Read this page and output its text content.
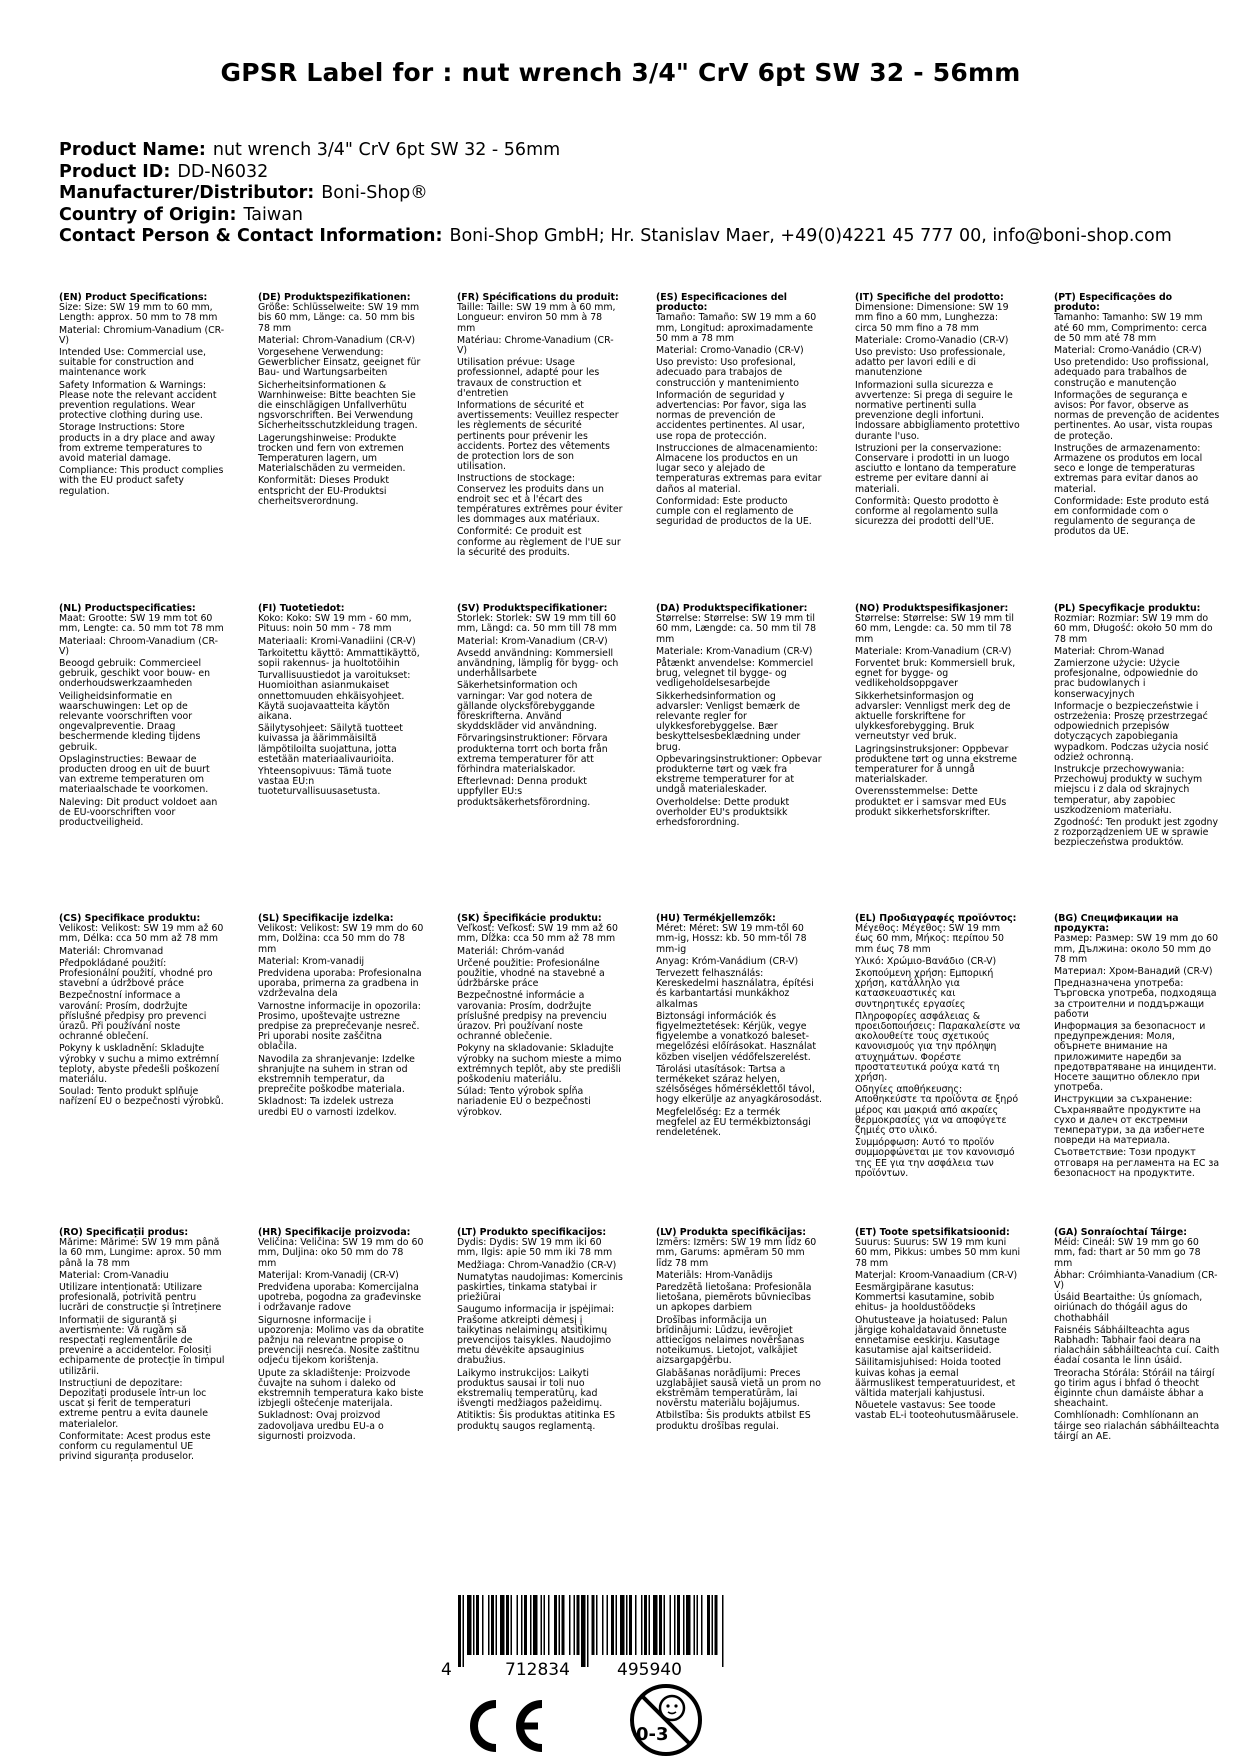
GPSR Label for : nut wrench 3/4" CrV 6pt SW 32 - 56mm
Product Name: nut wrench 3/4" CrV 6pt SW 32 - 56mm
Product ID: DD-N6032
Manufacturer/Distributor: Boni-Shop®
Country of Origin: Taiwan
Contact Person & Contact Information: Boni-Shop GmbH; Hr. Stanislav Maer, +49(0)4221 45 777 00, info@boni-shop.com
(EN) Product Specifications:

Size: Size: SW 19 mm to 60 mm, Length: approx. 50 mm to 78 mm

Material: Chromium-Vanadium (CR-V)

Intended Use: Commercial use, suitable for construction and maintenance work

Safety Information & Warnings: Please note the relevant accident prevention regulations. Wear protective clothing during use.

Storage Instructions: Store products in a dry place and away from extreme temperatures to avoid material damage.

Compliance: This product complies with the EU product safety regulation.

(DE) Produktspezifikationen:

Größe: Schlüsselweite: SW 19 mm bis 60 mm, Länge: ca. 50 mm bis 78 mm

Material: Chrom-Vanadium (CR-V)

Vorgesehene Verwendung: Gewerblicher Einsatz, geeignet für Bau- und Wartungsarbeiten

Sicherheitsinformationen & Warnhinweise: Bitte beachten Sie die einschlägigen Unfallverhütu ngsvorschriften. Bei Verwendung Sicherheitsschutzkleidung tragen.

Lagerungshinweise: Produkte trocken und fern von extremen Temperaturen lagern, um Materialschäden zu vermeiden.

Konformität: Dieses Produkt entspricht der EU-Produktsi cherheitsverordnung.

(FR) Spécifications du produit:

Taille: Taille: SW 19 mm à 60 mm, Longueur: environ 50 mm à 78 mm

Matériau: Chrome-Vanadium (CR-V)

Utilisation prévue: Usage professionnel, adapté pour les travaux de construction et d'entretien

Informations de sécurité et avertissements: Veuillez respecter les règlements de sécurité pertinents pour prévenir les accidents. Portez des vêtements de protection lors de son utilisation.

Instructions de stockage: Conservez les produits dans un endroit sec et à l'écart des températures extrêmes pour éviter les dommages aux matériaux.

Conformité: Ce produit est conforme au règlement de l'UE sur la sécurité des produits.

(ES) Especificaciones del producto:

Tamaño: Tamaño: SW 19 mm a 60 mm, Longitud: aproximadamente 50 mm a 78 mm

Material: Cromo-Vanadio (CR-V)

Uso previsto: Uso profesional, adecuado para trabajos de construcción y mantenimiento

Información de seguridad y advertencias: Por favor, siga las normas de prevención de accidentes pertinentes. Al usar, use ropa de protección.

Instrucciones de almacenamiento: Almacene los productos en un lugar seco y alejado de temperaturas extremas para evitar daños al material.

Conformidad: Este producto cumple con el reglamento de seguridad de productos de la UE.

(IT) Specifiche del prodotto:

Dimensione: Dimensione: SW 19 mm fino a 60 mm, Lunghezza: circa 50 mm fino a 78 mm

Materiale: Cromo-Vanadio (CR-V)

Uso previsto: Uso professionale, adatto per lavori edili e di manutenzione

Informazioni sulla sicurezza e avvertenze: Si prega di seguire le normative pertinenti sulla prevenzione degli infortuni. Indossare abbigliamento protettivo durante l'uso.

Istruzioni per la conservazione: Conservare i prodotti in un luogo asciutto e lontano da temperature estreme per evitare danni ai materiali.

Conformità: Questo prodotto è conforme al regolamento sulla sicurezza dei prodotti dell'UE.

(PT) Especificações do produto:

Tamanho: Tamanho: SW 19 mm até 60 mm, Comprimento: cerca de 50 mm até 78 mm

Material: Cromo-Vanádio (CR-V)

Uso pretendido: Uso profissional, adequado para trabalhos de construção e manutenção

Informações de segurança e avisos: Por favor, observe as normas de prevenção de acidentes pertinentes. Ao usar, vista roupas de proteção.

Instruções de armazenamento: Armazene os produtos em local seco e longe de temperaturas extremas para evitar danos ao material.

Conformidade: Este produto está em conformidade com o regulamento de segurança de produtos da UE.

(NL) Productspecificaties:

Maat: Grootte: SW 19 mm tot 60 mm, Lengte: ca. 50 mm tot 78 mm

Materiaal: Chroom-Vanadium (CR-V)

Beoogd gebruik: Commercieel gebruik, geschikt voor bouw- en onderhoudswerkzaamheden

Veiligheidsinformatie en waarschuwingen: Let op de relevante voorschriften voor ongevalpreventie. Draag beschermende kleding tijdens gebruik.

Opslaginstructies: Bewaar de producten droog en uit de buurt van extreme temperaturen om materiaalschade te voorkomen.

Naleving: Dit product voldoet aan de EU-voorschriften voor productveiligheid.

(FI) Tuotetiedot:

Koko: Koko: SW 19 mm - 60 mm, Pituus: noin 50 mm - 78 mm

Materiaali: Kromi-Vanadiini (CR-V)

Tarkoitettu käyttö: Ammattikäyttö, sopii rakennus- ja huoltotöihin

Turvallisuustiedot ja varoitukset: Huomioithan asianmukaiset onnettomuuden ehkäisyohjeet. Käytä suojavaatteita käytön aikana.

Säilytysohjeet: Säilytä tuotteet kuivassa ja äärimmäisiltä lämpötiloilta suojattuna, jotta estetään materiaalivaurioita.

Yhteensopivuus: Tämä tuote vastaa EU:n tuoteturvallisuusasetusta.

(SV) Produktspecifikationer:

Storlek: Storlek: SW 19 mm till 60 mm, Längd: ca. 50 mm till 78 mm

Material: Krom-Vanadium (CR-V)

Avsedd användning: Kommersiell användning, lämplig för bygg- och underhållsarbete

Säkerhetsinformation och varningar: Var god notera de gällande olycksförebyggande föreskrifterna. Använd skyddskläder vid användning.

Förvaringsinstruktioner: Förvara produkterna torrt och borta från extrema temperaturer för att förhindra materialskador.

Efterlevnad: Denna produkt uppfyller EU:s produktsäkerhetsförordning.

(DA) Produktspecifikationer:

Størrelse: Størrelse: SW 19 mm til 60 mm, Længde: ca. 50 mm til 78 mm

Materiale: Krom-Vanadium (CR-V)

Påtænkt anvendelse: Kommerciel brug, velegnet til bygge- og vedligeholdelsesarbejde

Sikkerhedsinformation og advarsler: Venligst bemærk de relevante regler for ulykkesforebyggelse. Bær beskyttelsesbeklædning under brug.

Opbevaringsinstruktioner: Opbevar produkterne tørt og væk fra ekstreme temperaturer for at undgå materialeskader.

Overholdelse: Dette produkt overholder EU's produktsikk erhedsforordning.

(NO) Produktspesifikasjoner:

Størrelse: Størrelse: SW 19 mm til 60 mm, Lengde: ca. 50 mm til 78 mm

Materiale: Krom-Vanadium (CR-V)

Forventet bruk: Kommersiell bruk, egnet for bygge- og vedlikeholdsoppgaver

Sikkerhetsinformasjon og advarsler: Vennligst merk deg de aktuelle forskriftene for ulykkesforebygging. Bruk verneutstyr ved bruk.

Lagringsinstruksjoner: Oppbevar produktene tørt og unna ekstreme temperaturer for å unngå materialskader.

Overensstemmelse: Dette produktet er i samsvar med EUs produkt sikkerhetsforskrifter.

(PL) Specyfikacje produktu:

Rozmiar: Rozmiar: SW 19 mm do 60 mm, Długość: około 50 mm do 78 mm

Materiał: Chrom-Wanad

Zamierzone użycie: Użycie profesjonalne, odpowiednie do prac budowlanych i konserwacyjnych

Informacje o bezpieczeństwie i ostrzeżenia: Proszę przestrzegać odpowiednich przepisów dotyczących zapobiegania wypadkom. Podczas użycia nosić odzież ochronną.

Instrukcje przechowywania: Przechowuj produkty w suchym miejscu i z dala od skrajnych temperatur, aby zapobiec uszkodzeniom materiału.

Zgodność: Ten produkt jest zgodny z rozporządzeniem UE w sprawie bezpieczeństwa produktów.

(CS) Specifikace produktu:

Velikost: Velikost: SW 19 mm až 60 mm, Délka: cca 50 mm až 78 mm

Materiál: Chromvanad

Předpokládané použití: Profesionální použití, vhodné pro stavební a údržbové práce

Bezpečnostní informace a varování: Prosím, dodržujte příslušné předpisy pro prevenci úrazů. Při používání noste ochranné oblečení.

Pokyny k uskladnění: Skladujte výrobky v suchu a mimo extrémní teploty, abyste předešli poškození materiálu.

Soulad: Tento produkt splňuje nařízení EU o bezpečnosti výrobků.

(SL) Specifikacije izdelka:

Velikost: Velikost: SW 19 mm do 60 mm, Dolžina: cca 50 mm do 78 mm

Material: Krom-vanadij

Predvidena uporaba: Profesionalna uporaba, primerna za gradbena in vzdrževalna dela

Varnostne informacije in opozorila: Prosimo, upoštevajte ustrezne predpise za preprečevanje nesreč. Pri uporabi nosite zaščitna oblačila.

Navodila za shranjevanje: Izdelke shranjujte na suhem in stran od ekstremnih temperatur, da preprečite poškodbe materiala.

Skladnost: Ta izdelek ustreza uredbi EU o varnosti izdelkov.

(SK) Špecifikácie produktu:

Veľkosť: Veľkosť: SW 19 mm až 60 mm, Dĺžka: cca 50 mm až 78 mm

Materiál: Chróm-vanád

Určené použitie: Profesionálne použitie, vhodné na stavebné a údržbárske práce

Bezpečnostné informácie a varovania: Prosím, dodržujte príslušné predpisy na prevenciu úrazov. Pri používaní noste ochranné oblečenie.

Pokyny na skladovanie: Skladujte výrobky na suchom mieste a mimo extrémnych teplôt, aby ste predišli poškodeniu materiálu.

Súlad: Tento výrobok spĺňa nariadenie EÚ o bezpečnosti výrobkov.

(HU) Termékjellemzők:

Méret: Méret: SW 19 mm-től 60 mm-ig, Hossz: kb. 50 mm-től 78 mm-ig

Anyag: Króm-Vanádium (CR-V)

Tervezett felhasználás: Kereskedelmi használatra, építési és karbantartási munkákhoz alkalmas

Biztonsági információk és figyelmeztetések: Kérjük, vegye figyelembe a vonatkozó baleset-megelőzési előírásokat. Használat közben viseljen védőfelszerelést.

Tárolási utasítások: Tartsa a termékeket száraz helyen, szélsőséges hőmérséklettől távol, hogy elkerülje az anyagkárosodást.

Megfelelőség: Ez a termék megfelel az EU termékbiztonsági rendeletének.

(EL) Προδιαγραφές προϊόντος:

Μέγεθος: Μέγεθος: SW 19 mm έως 60 mm, Μήκος: περίπου 50 mm έως 78 mm

Υλικό: Χρώμιο-Βανάδιο (CR-V)

Σκοπούμενη χρήση: Εμπορική χρήση, κατάλληλο για κατασκευαστικές και συντηρητικές εργασίες

Πληροφορίες ασφάλειας & προειδοποιήσεις: Παρακαλείστε να ακολουθείτε τους σχετικούς κανονισμούς για την πρόληψη ατυχημάτων. Φορέστε προστατευτικά ρούχα κατά τη χρήση.

Οδηγίες αποθήκευσης: Αποθηκεύστε τα προϊόντα σε ξηρό μέρος και μακριά από ακραίες θερμοκρασίες για να αποφύγετε ζημιές στο υλικό.

Συμμόρφωση: Αυτό το προϊόν συμμορφώνεται με τον κανονισμό της ΕΕ για την ασφάλεια των προϊόντων.

(BG) Спецификации на продукта:

Размер: Размер: SW 19 mm до 60 mm, Дължина: около 50 mm до 78 mm

Материал: Хром-Ванадий (CR-V)

Предназначена употреба: Търговска употреба, подходяща за строителни и поддържащи работи

Информация за безопасност и предупреждения: Моля, обърнете внимание на приложимите наредби за предотвратяване на инциденти. Носете защитно облекло при употреба.

Инструкции за съхранение: Съхранявайте продуктите на сухо и далеч от екстремни температури, за да избегнете повреди на материала.

Съответствие: Този продукт отговаря на регламента на ЕС за безопасност на продуктите.

(RO) Specificații produs:

Mărime: Mărime: SW 19 mm până la 60 mm, Lungime: aprox. 50 mm până la 78 mm

Material: Crom-Vanadiu

Utilizare intenționată: Utilizare profesională, potrivită pentru lucrări de construcție și întreținere

Informații de siguranță și avertismente: Vă rugăm să respectați reglementările de prevenire a accidentelor. Folosiți echipamente de protecție în timpul utilizării.

Instrucțiuni de depozitare: Depozitați produsele într-un loc uscat și ferit de temperaturi extreme pentru a evita daunele materialelor.

Conformitate: Acest produs este conform cu regulamentul UE privind siguranța produselor.

(HR) Specifikacije proizvoda:

Veličina: Veličina: SW 19 mm do 60 mm, Duljina: oko 50 mm do 78 mm

Materijal: Krom-Vanadij (CR-V)

Predviđena uporaba: Komercijalna upotreba, pogodna za građevinske i održavanje radove

Sigurnosne informacije i upozorenja: Molimo vas da obratite pažnju na relevantne propise o prevenciji nesreća. Nosite zaštitnu odjeću tijekom korištenja.

Upute za skladištenje: Proizvode čuvajte na suhom i daleko od ekstremnih temperatura kako biste izbjegli oštećenje materijala.

Sukladnost: Ovaj proizvod zadovoljava uredbu EU-a o sigurnosti proizvoda.

(LT) Produkto specifikacijos:

Dydis: Dydis: SW 19 mm iki 60 mm, Ilgis: apie 50 mm iki 78 mm

Medžiaga: Chrom-Vanadžio (CR-V)

Numatytas naudojimas: Komercinis paskirties, tinkama statybai ir priežiūrai

Saugumo informacija ir įspėjimai: Prašome atkreipti dėmesį į taikytinas nelaimingų atsitikimų prevencijos taisykles. Naudojimo metu dėvėkite apsauginius drabužius.

Laikymo instrukcijos: Laikyti produktus sausai ir toli nuo ekstremalių temperatūrų, kad išvengti medžiagos pažeidimų.

Atitiktis: Šis produktas atitinka ES produktų saugos reglamentą.

(LV) Produkta specifikācijas:

Izmērs: Izmērs: SW 19 mm līdz 60 mm, Garums: apmēram 50 mm līdz 78 mm

Materiāls: Hrom-Vanādijs

Paredzētā lietošana: Profesionāla lietošana, piemērots būvniecības un apkopes darbiem

Drošības informācija un brīdinājumi: Lūdzu, ievērojiet attiecīgos nelaimes novēršanas noteikumus. Lietojot, valkājiet aizsargapģērbu.

Glabāšanas norādījumi: Preces uzglabājiet sausā vietā un prom no ekstrēmām temperatūrām, lai novērstu materiālu bojājumus.

Atbilstība: Šis produkts atbilst ES produktu drošības regulai.

(ET) Toote spetsifikatsioonid:

Suurus: Suurus: SW 19 mm kuni 60 mm, Pikkus: umbes 50 mm kuni 78 mm

Materjal: Kroom-Vanaadium (CR-V)

Eesmärgipärane kasutus: Kommertsi kasutamine, sobib ehitus- ja hooldustöödeks

Ohutusteave ja hoiatused: Palun järgige kohaldatavaid õnnetuste ennetamise eeskirju. Kasutage kasutamise ajal kaitseriideid.

Säilitamisjuhised: Hoida tooted kuivas kohas ja eemal äärmuslikest temperatuuridest, et vältida materjali kahjustusi.

Nõuetele vastavus: See toode vastab EL-i tooteohutusmäärusele.

(GA) Sonraíochtaí Táirge:

Méid: Cineál: SW 19 mm go 60 mm, fad: thart ar 50 mm go 78 mm

Ábhar: Cróimhianta-Vanadium (CR-V)

Úsáid Beartaithe: Ús gníomach, oiriúnach do thógáil agus do chothabháil

Faisnéis Sábháilteachta agus Rabhadh: Tabhair faoi deara na rialacháin sábháilteachta cuí. Caith éadaí cosanta le linn úsáid.

Treoracha Stórála: Stóráil na táirgí go tirim agus i bhfad ó theocht éiginnte chun damáiste ábhar a sheachaint.

Comhlíonadh: Comhlíonann an táirge seo rialachán sábháilteachta táirgí an AE.

4	712834	495940
0-3
